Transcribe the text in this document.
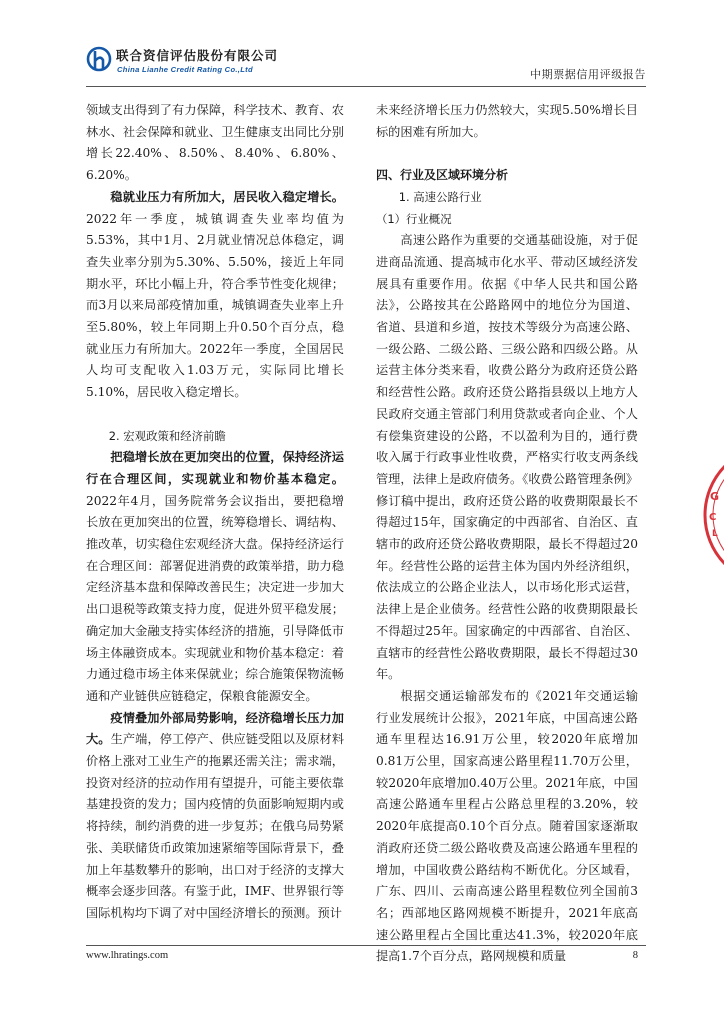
联合资信评估股份有限公司
China Lianhe Credit Rating Co.,Ltd	中期票据信用评级报告

领域支出得到了有力保障，科学技术、教育、农林水、社会保障和就业、卫生健康支出同比分别增长22.40%、8.50%、8.40%、6.80%、6.20%。

稳就业压力有所加大，居民收入稳定增长。2022年一季度，城镇调查失业率均值为5.53%，其中1月、2月就业情况总体稳定，调查失业率分别为5.30%、5.50%，接近上年同期水平，环比小幅上升，符合季节性变化规律；而3月以来局部疫情加重，城镇调查失业率上升至5.80%，较上年同期上升0.50个百分点，稳就业压力有所加大。2022年一季度，全国居民人均可支配收入1.03万元，实际同比增长5.10%，居民收入稳定增长。

2. 宏观政策和经济前瞻

把稳增长放在更加突出的位置，保持经济运行在合理区间，实现就业和物价基本稳定。2022年4月，国务院常务会议指出，要把稳增长放在更加突出的位置，统筹稳增长、调结构、推改革，切实稳住宏观经济大盘。保持经济运行在合理区间：部署促进消费的政策举措，助力稳定经济基本盘和保障改善民生；决定进一步加大出口退税等政策支持力度，促进外贸平稳发展；确定加大金融支持实体经济的措施，引导降低市场主体融资成本。实现就业和物价基本稳定：着力通过稳市场主体来保就业；综合施策保物流畅通和产业链供应链稳定，保粮食能源安全。

疫情叠加外部局势影响，经济稳增长压力加大。生产端，停工停产、供应链受阻以及原材料价格上涨对工业生产的拖累还需关注；需求端，投资对经济的拉动作用有望提升，可能主要依靠基建投资的发力；国内疫情的负面影响短期内或将持续，制约消费的进一步复苏；在俄乌局势紧张、美联储货币政策加速紧缩等国际背景下，叠加上年基数攀升的影响，出口对于经济的支撑大概率会逐步回落。有鉴于此，IMF、世界银行等国际机构均下调了对中国经济增长的预测。预计

未来经济增长压力仍然较大，实现5.50%增长目标的困难有所加大。

四、行业及区域环境分析

1. 高速公路行业

（1）行业概况

高速公路作为重要的交通基础设施，对于促进商品流通、提高城市化水平、带动区域经济发展具有重要作用。依据《中华人民共和国公路法》，公路按其在公路路网中的地位分为国道、省道、县道和乡道，按技术等级分为高速公路、一级公路、二级公路、三级公路和四级公路。从运营主体分类来看，收费公路分为政府还贷公路和经营性公路。政府还贷公路指县级以上地方人民政府交通主管部门利用贷款或者向企业、个人有偿集资建设的公路，不以盈利为目的，通行费收入属于行政事业性收费，严格实行收支两条线管理，法律上是政府债务。《收费公路管理条例》修订稿中提出，政府还贷公路的收费期限最长不得超过15年，国家确定的中西部省、自治区、直辖市的政府还贷公路收费期限，最长不得超过20年。经营性公路的运营主体为国内外经济组织，依法成立的公路企业法人，以市场化形式运营，法律上是企业债务。经营性公路的收费期限最长不得超过25年。国家确定的中西部省、自治区、直辖市的经营性公路收费期限，最长不得超过30年。

根据交通运输部发布的《2021年交通运输行业发展统计公报》，2021年底，中国高速公路通车里程达16.91万公里，较2020年底增加0.81万公里，国家高速公路里程11.70万公里，较2020年底增加0.40万公里。2021年底，中国高速公路通车里程占公路总里程的3.20%，较2020年底提高0.10个百分点。随着国家逐渐取消政府还贷二级公路收费及高速公路通车里程的增加，中国收费公路结构不断优化。分区域看，广东、四川、云南高速公路里程数位列全国前3名；西部地区路网规模不断提升，2021年底高速公路里程占全国比重达41.3%，较2020年底提高1.7个百分点，路网规模和质量

G
C
L
www.lhratings.com	8
